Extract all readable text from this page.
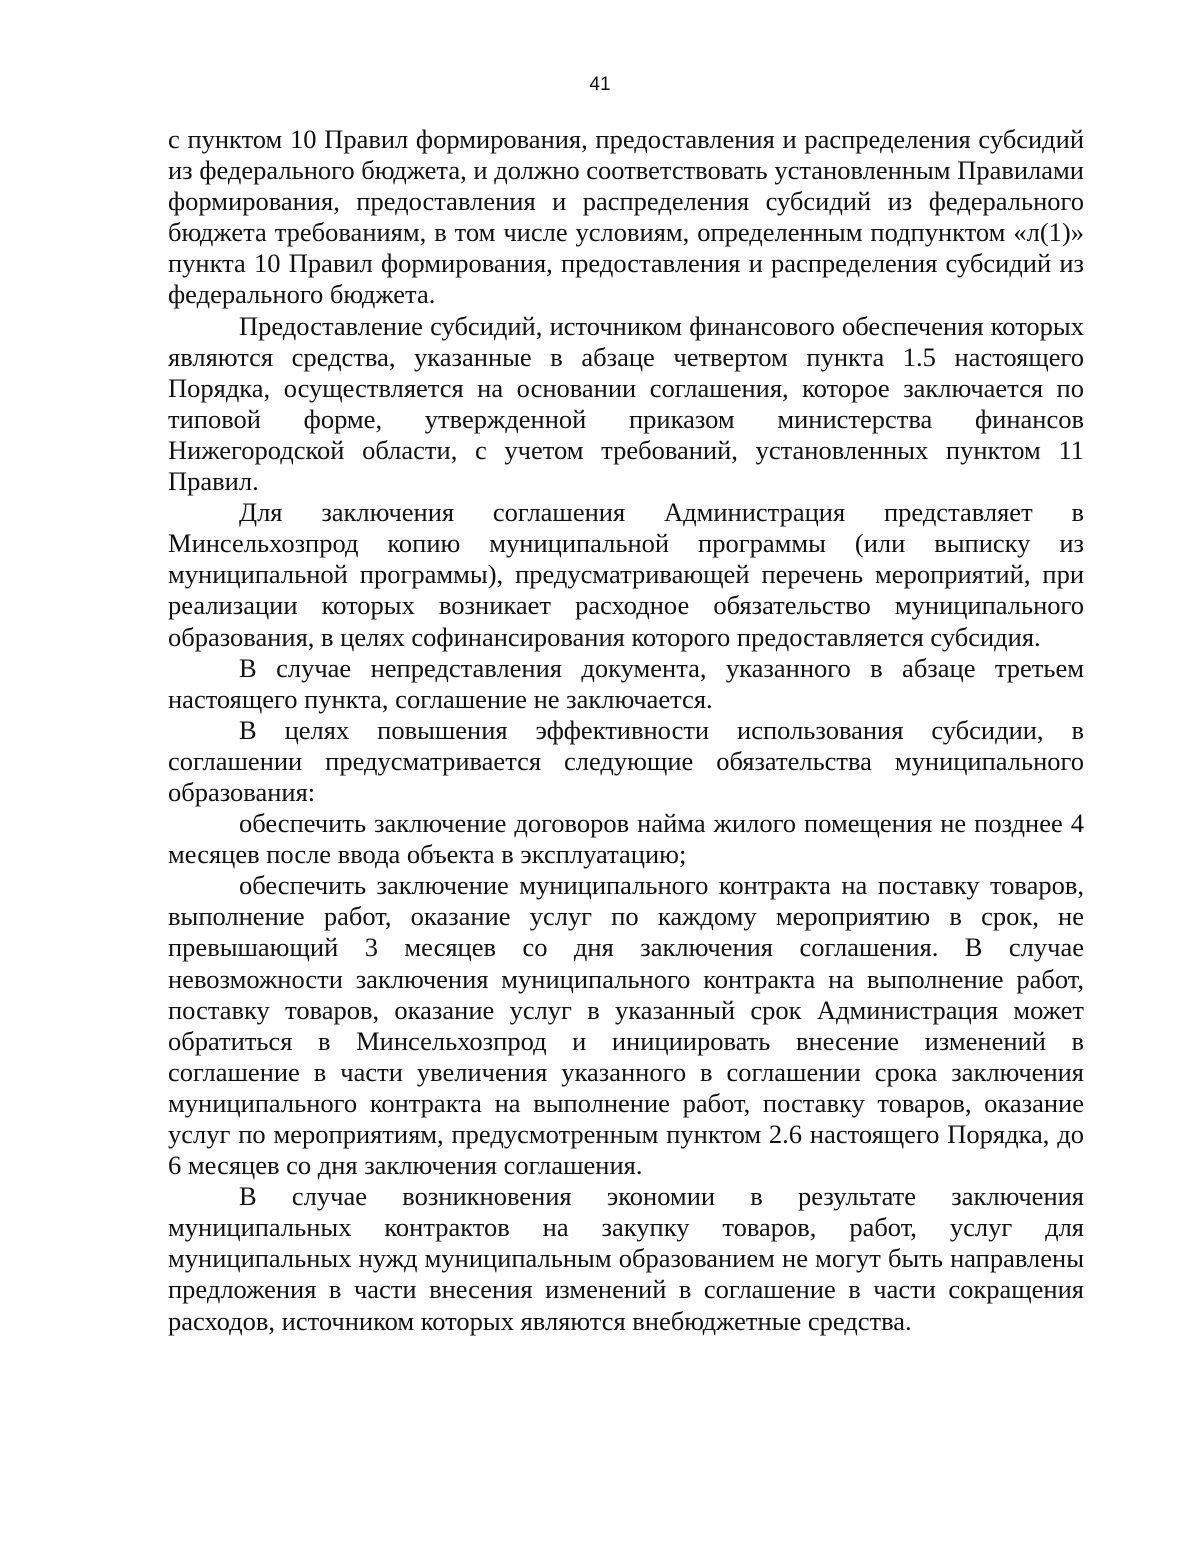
41

с пунктом 10 Правил формирования, предоставления и распределения субсидий из федерального бюджета, и должно соответствовать установленным Правилами формирования, предоставления и распределения субсидий из федерального бюджета требованиям, в том числе условиям, определенным подпунктом «л(1)» пункта 10 Правил формирования, предоставления и распределения субсидий из федерального бюджета.

Предоставление субсидий, источником финансового обеспечения которых являются средства, указанные в абзаце четвертом пункта 1.5 настоящего Порядка, осуществляется на основании соглашения, которое заключается по типовой форме, утвержденной приказом министерства финансов Нижегородской области, с учетом требований, установленных пунктом 11 Правил.

Для заключения соглашения Администрация представляет в Минсельхозпрод копию муниципальной программы (или выписку из муниципальной программы), предусматривающей перечень мероприятий, при реализации которых возникает расходное обязательство муниципального образования, в целях софинансирования которого предоставляется субсидия.

В случае непредставления документа, указанного в абзаце третьем настоящего пункта, соглашение не заключается.

В целях повышения эффективности использования субсидии, в соглашении предусматривается следующие обязательства муниципального образования:

обеспечить заключение договоров найма жилого помещения не позднее 4 месяцев после ввода объекта в эксплуатацию;

обеспечить заключение муниципального контракта на поставку товаров, выполнение работ, оказание услуг по каждому мероприятию в срок, не превышающий 3 месяцев со дня заключения соглашения. В случае невозможности заключения муниципального контракта на выполнение работ, поставку товаров, оказание услуг в указанный срок Администрация может обратиться в Минсельхозпрод и инициировать внесение изменений в соглашение в части увеличения указанного в соглашении срока заключения муниципального контракта на выполнение работ, поставку товаров, оказание услуг по мероприятиям, предусмотренным пунктом 2.6 настоящего Порядка, до 6 месяцев со дня заключения соглашения.

В случае возникновения экономии в результате заключения муниципальных контрактов на закупку товаров, работ, услуг для муниципальных нужд муниципальным образованием не могут быть направлены предложения в части внесения изменений в соглашение в части сокращения расходов, источником которых являются внебюджетные средства.
